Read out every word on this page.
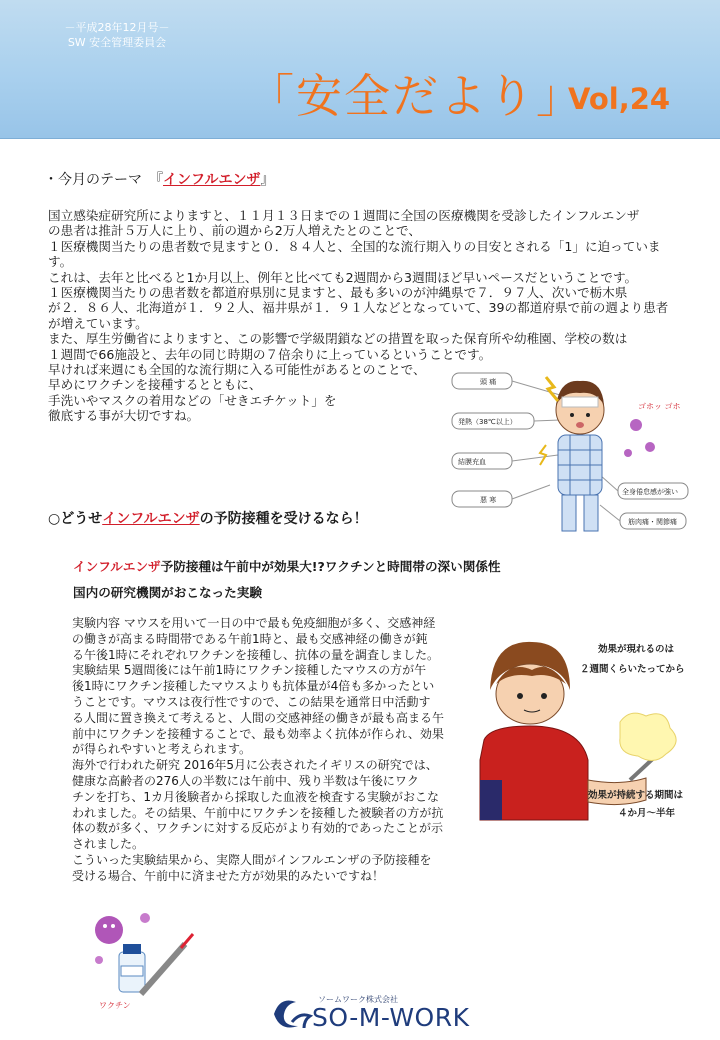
－平成28年12月号－
SW 安全管理委員会
「安全だより」
Vol,24
・今月のテーマ　『インフルエンザ』
国立感染症研究所によりますと、１１月１３日までの１週間に全国の医療機関を受診したインフルエンザ
の患者は推計５万人に上り、前の週から2万人増えたとのことで、
１医療機関当たりの患者数で見ますと０．８４人と、全国的な流行期入りの目安とされる「1」に迫っていま
す。
これは、去年と比べると1か月以上、例年と比べても2週間から3週間ほど早いペースだということです。
１医療機関当たりの患者数を都道府県別に見ますと、最も多いのが沖縄県で７．９７人、次いで栃木県
が２．８６人、北海道が１．９２人、福井県が１．９１人などとなっていて、39の都道府県で前の週より患者
が増えています。
また、厚生労働省によりますと、この影響で学級閉鎖などの措置を取った保育所や幼稚園、学校の数は
１週間で66施設と、去年の同じ時期の７倍余りに上っているということです。
早ければ来週にも全国的な流行期に入る可能性があるとのことで、
早めにワクチンを接種するとともに、
手洗いやマスクの着用などの「せきエチケット」を
徹底する事が大切ですね。
頭 痛
発熱（38℃以上）
結膜充血
悪 寒
全身倦怠感が強い
筋肉痛・関節痛
ゴホッ ゴホ
○どうせインフルエンザの予防接種を受けるなら！
インフルエンザ予防接種は午前中が効果大!?ワクチンと時間帯の深い関係性
国内の研究機関がおこなった実験
実験内容 マウスを用いて一日の中で最も免疫細胞が多く、交感神経
の働きが高まる時間帯である午前1時と、最も交感神経の働きが鈍
る午後1時にそれぞれワクチンを接種し、抗体の量を調査しました。
実験結果 5週間後には午前1時にワクチン接種したマウスの方が午
後1時にワクチン接種したマウスよりも抗体量が4倍も多かったとい
うことです。マウスは夜行性ですので、この結果を通常日中活動す
る人間に置き換えて考えると、人間の交感神経の働きが最も高まる午
前中にワクチンを接種することで、最も効率よく抗体が作られ、効果
が得られやすいと考えられます。
海外で行われた研究 2016年5月に公表されたイギリスの研究では、
健康な高齢者の276人の半数には午前中、残り半数は午後にワク
チンを打ち、1カ月後験者から採取した血液を検査する実験がおこな
われました。その結果、午前中にワクチンを接種した被験者の方が抗
体の数が多く、ワクチンに対する反応がより有効的であったことが示
されました。
こういった実験結果から、実際人間がインフルエンザの予防接種を
受ける場合、午前中に済ませた方が効果的みたいですね！
効果が現れるのは
２週間くらいたってから
効果が持続する期間は
４か月〜半年
ワクチン
ソームワーク株式会社
SO-M-WORK
